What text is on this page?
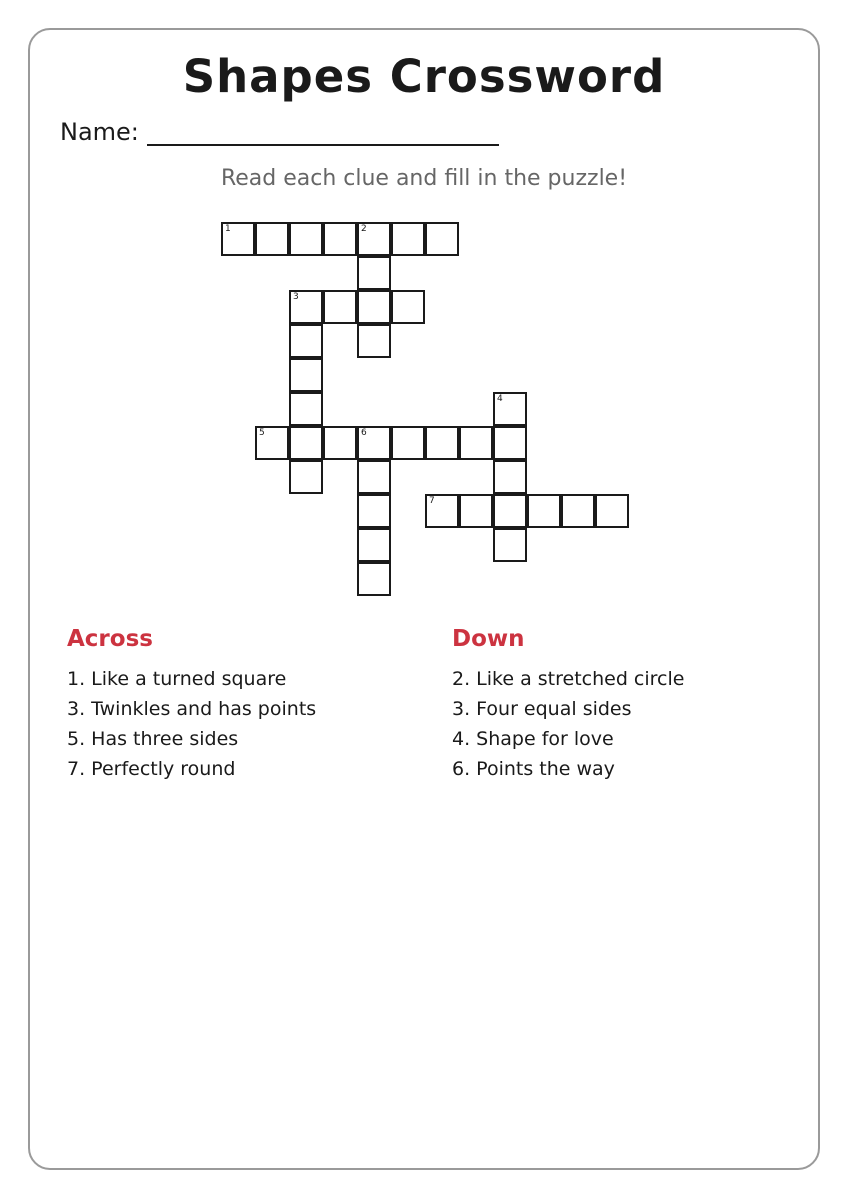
Shapes Crossword
Name:
Read each clue and fill in the puzzle!
1	2
3
4
5	6
7
Across
1. Like a turned square
3. Twinkles and has points
5. Has three sides
7. Perfectly round
Down
2. Like a stretched circle
3. Four equal sides
4. Shape for love
6. Points the way
